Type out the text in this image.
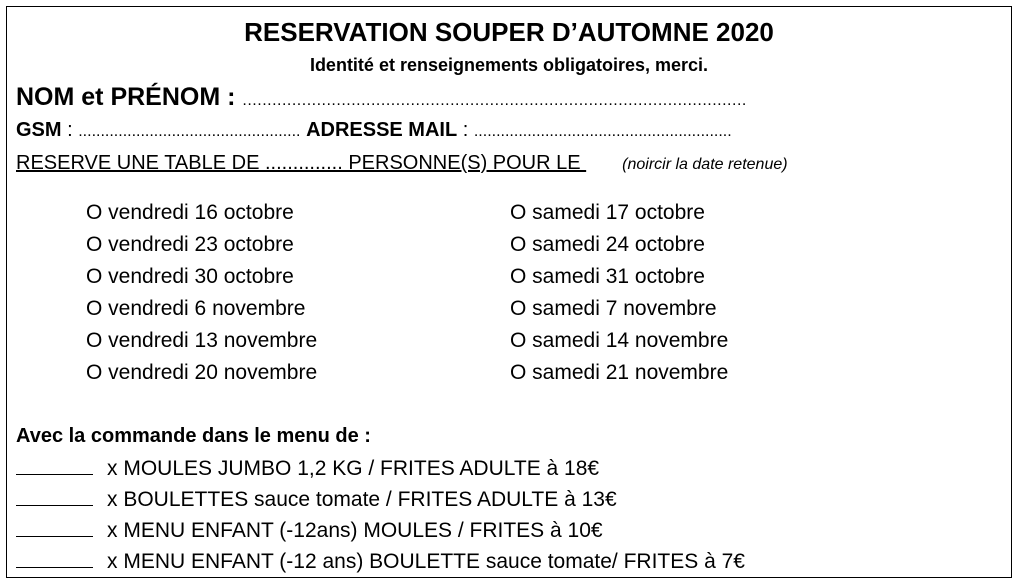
RESERVATION SOUPER D’AUTOMNE 2020
Identité et renseignements obligatoires, merci.
NOM et PRÉNOM : ......................................................................................................
GSM : .................................................. ADRESSE MAIL : ..........................................................
RESERVE UNE TABLE DE .............. PERSONNE(S) POUR LE (noircir la date retenue)
O vendredi 16 octobre
O vendredi 23 octobre
O vendredi 30 octobre
O vendredi 6 novembre
O vendredi 13 novembre
O vendredi 20 novembre
O samedi 17 octobre
O samedi 24 octobre
O samedi 31 octobre
O samedi 7 novembre
O samedi 14 novembre
O samedi 21 novembre
Avec la commande dans le menu de :
x MOULES JUMBO 1,2 KG / FRITES ADULTE à 18€
x BOULETTES sauce tomate / FRITES ADULTE à 13€
x MENU ENFANT (-12ans) MOULES / FRITES à 10€
x MENU ENFANT (-12 ans) BOULETTE sauce tomate/ FRITES à 7€
